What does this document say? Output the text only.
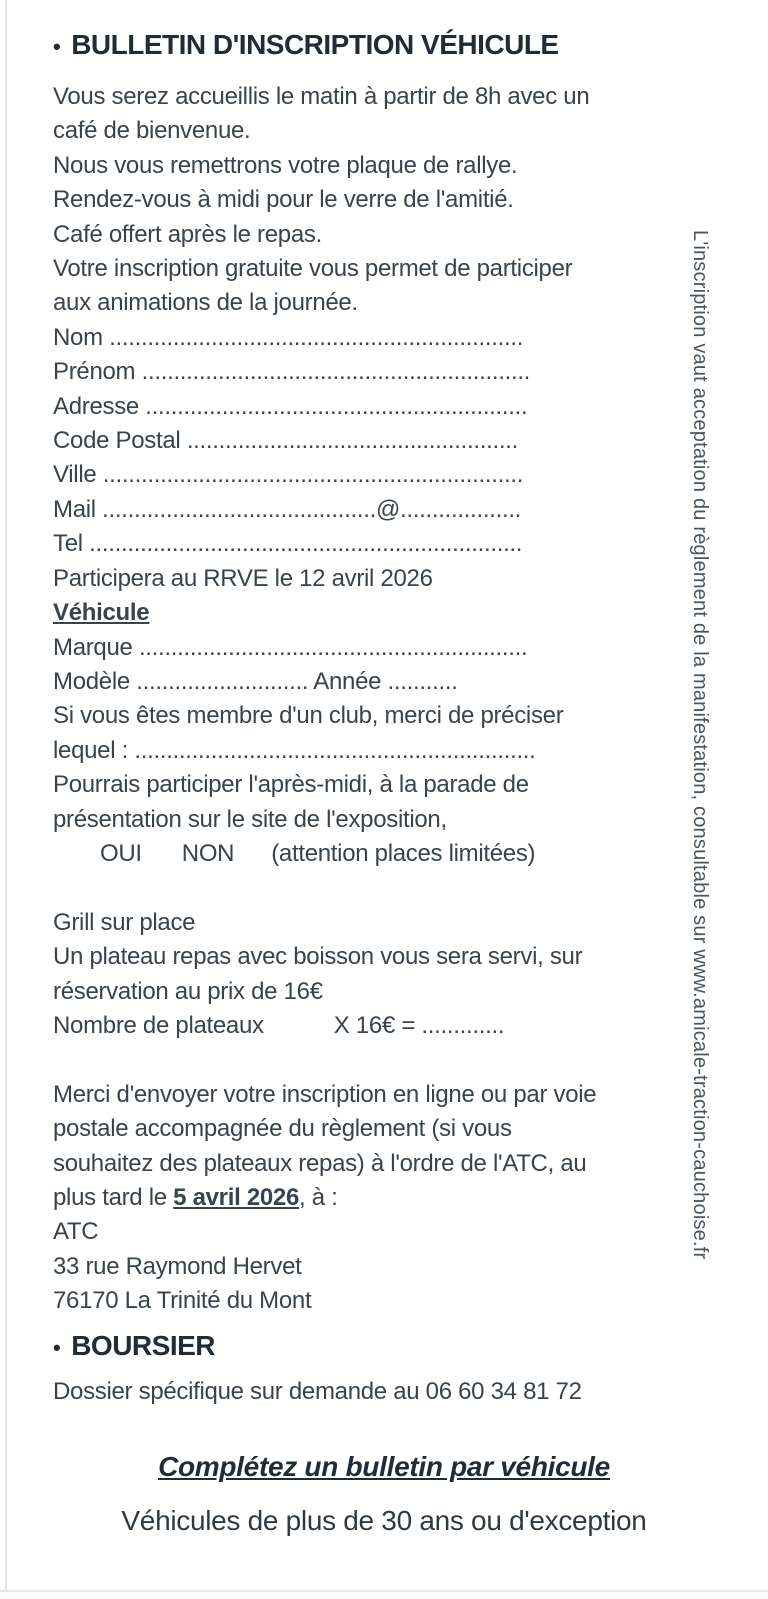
• BULLETIN D'INSCRIPTION VÉHICULE
Vous serez accueillis le matin à partir de 8h avec un
café de bienvenue.
Nous vous remettrons votre plaque de rallye.
Rendez-vous à midi pour le verre de l'amitié.
Café offert après le repas.
Votre inscription gratuite vous permet de participer
aux animations de la journée.
Nom .................................................................
Prénom .............................................................
Adresse ............................................................
Code Postal ....................................................
Ville ..................................................................
Mail ...........................................@...................
Tel ....................................................................
Participera au RRVE le 12 avril 2026
Véhicule
Marque .............................................................
Modèle ........................... Année ...........
Si vous êtes membre d'un club, merci de préciser
lequel : ...............................................................
Pourrais participer l'après-midi, à la parade de
présentation sur le site de l'exposition,
OUI NON (attention places limitées)
Grill sur place
Un plateau repas avec boisson vous sera servi, sur
réservation au prix de 16€
Nombre de plateaux	X 16€ = .............
Merci d'envoyer votre inscription en ligne ou par voie
postale accompagnée du règlement (si vous
souhaitez des plateaux repas) à l'ordre de l'ATC, au
plus tard le 5 avril 2026, à :
ATC
33 rue Raymond Hervet
76170 La Trinité du Mont
• BOURSIER
Dossier spécifique sur demande au 06 60 34 81 72
Complétez un bulletin par véhicule
Véhicules de plus de 30 ans ou d'exception
L'inscription vaut acceptation du règlement de la manifestation, consultable sur www.amicale-traction-cauchoise.fr
